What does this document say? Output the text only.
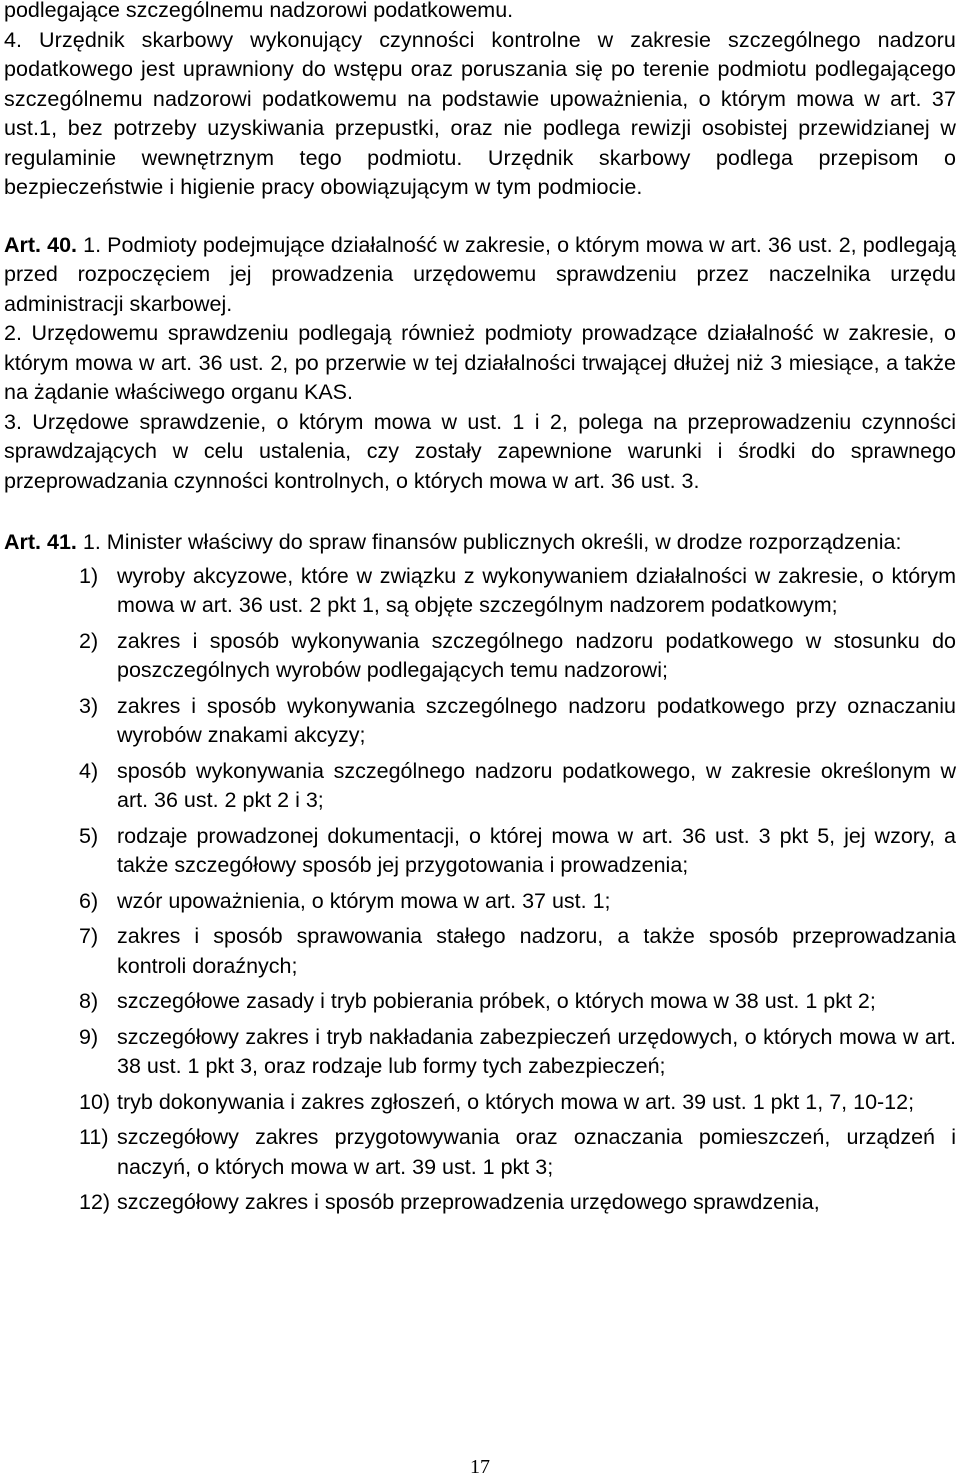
podlegające szczególnemu nadzorowi podatkowemu.

4. Urzędnik skarbowy wykonujący czynności kontrolne w zakresie szczególnego nadzoru podatkowego jest uprawniony do wstępu oraz poruszania się po terenie podmiotu podlegającego szczególnemu nadzorowi podatkowemu na podstawie upoważnienia, o którym mowa w art. 37 ust.1, bez potrzeby uzyskiwania przepustki, oraz nie podlega rewizji osobistej przewidzianej w regulaminie wewnętrznym tego podmiotu. Urzędnik skarbowy podlega przepisom o bezpieczeństwie i higienie pracy obowiązującym w tym podmiocie.

Art. 40. 1. Podmioty podejmujące działalność w zakresie, o którym mowa w art. 36 ust. 2, podlegają przed rozpoczęciem jej prowadzenia urzędowemu sprawdzeniu przez naczelnika urzędu administracji skarbowej.

2. Urzędowemu sprawdzeniu podlegają również podmioty prowadzące działalność w zakresie, o którym mowa w art. 36 ust. 2, po przerwie w tej działalności trwającej dłużej niż 3 miesiące, a także na żądanie właściwego organu KAS.

3. Urzędowe sprawdzenie, o którym mowa w ust. 1 i 2, polega na przeprowadzeniu czynności sprawdzających w celu ustalenia, czy zostały zapewnione warunki i środki do sprawnego przeprowadzania czynności kontrolnych, o których mowa w art. 36 ust. 3.

Art. 41. 1. Minister właściwy do spraw finansów publicznych określi, w drodze rozporządzenia:

1) wyroby akcyzowe, które w związku z wykonywaniem działalności w zakresie, o którym mowa w art. 36 ust. 2 pkt 1, są objęte szczególnym nadzorem podatkowym;
2) zakres i sposób wykonywania szczególnego nadzoru podatkowego w stosunku do poszczególnych wyrobów podlegających temu nadzorowi;
3) zakres i sposób wykonywania szczególnego nadzoru podatkowego przy oznaczaniu wyrobów znakami akcyzy;
4) sposób wykonywania szczególnego nadzoru podatkowego, w zakresie określonym w art. 36 ust. 2 pkt 2 i 3;
5) rodzaje prowadzonej dokumentacji, o której mowa w art. 36 ust. 3 pkt 5, jej wzory, a także szczegółowy sposób jej przygotowania i prowadzenia;
6) wzór upoważnienia, o którym mowa w art. 37 ust. 1;
7) zakres i sposób sprawowania stałego nadzoru, a także sposób przeprowadzania kontroli doraźnych;
8) szczegółowe zasady i tryb pobierania próbek, o których mowa w 38 ust. 1 pkt 2;
9) szczegółowy zakres i tryb nakładania zabezpieczeń urzędowych, o których mowa w art. 38 ust. 1 pkt 3, oraz rodzaje lub formy tych zabezpieczeń;
10) tryb dokonywania i zakres zgłoszeń, o których mowa w art. 39 ust. 1 pkt 1, 7, 10-12;
11) szczegółowy zakres przygotowywania oraz oznaczania pomieszczeń, urządzeń i naczyń, o których mowa w art. 39 ust. 1 pkt 3;
12) szczegółowy zakres i sposób przeprowadzenia urzędowego sprawdzenia,
17
